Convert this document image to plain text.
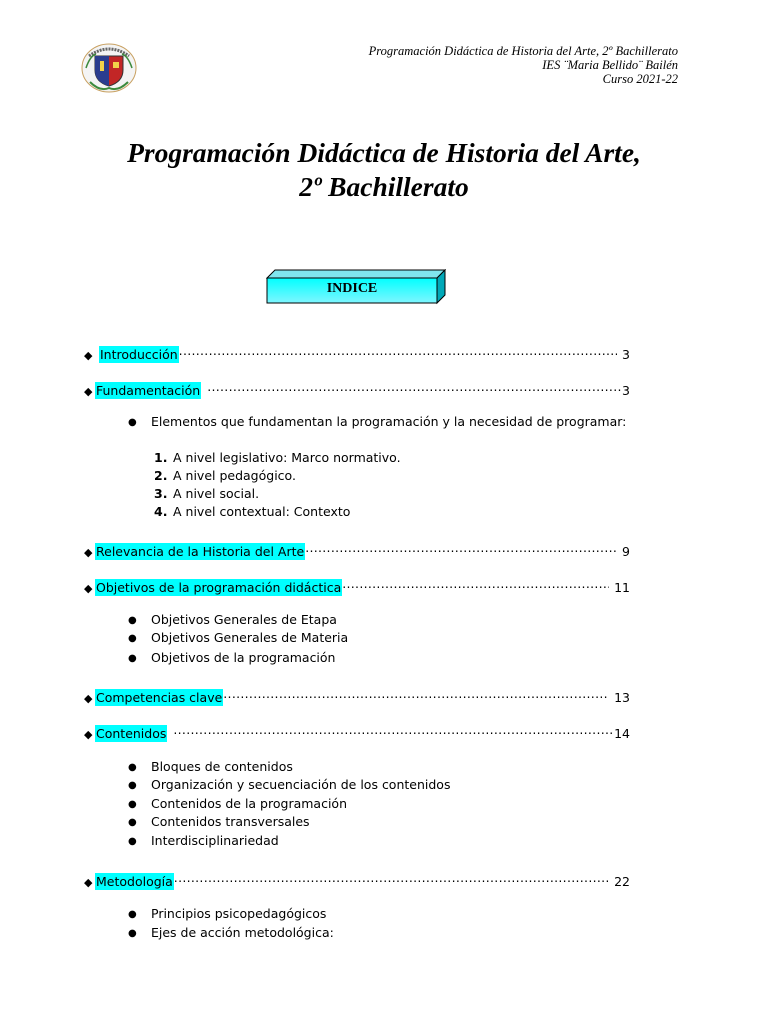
Programación Didáctica de Historia del Arte, 2º Bachillerato
IES ¨Maria Bellido¨ Bailén
Curso 2021-22
Programación Didáctica de Historia del Arte,
2º Bachillerato
INDICE
◆ Introducción .....	3
◆ Fundamentación .....	3
● Elementos que fundamentan la programación y la necesidad de programar:
1. A nivel legislativo: Marco normativo.
2. A nivel pedagógico.
3. A nivel social.
4. A nivel contextual: Contexto
◆ Relevancia de la Historia del Arte .....	9
◆ Objetivos de la programación didáctica .....	11
● Objetivos Generales de Etapa
● Objetivos Generales de Materia
● Objetivos de la programación
◆ Competencias clave .....	13
◆ Contenidos .....	14
● Bloques de contenidos
● Organización y secuenciación de los contenidos
● Contenidos de la programación
● Contenidos transversales
● Interdisciplinariedad
◆ Metodología .....	22
● Principios psicopedagógicos
● Ejes de acción metodológica:
